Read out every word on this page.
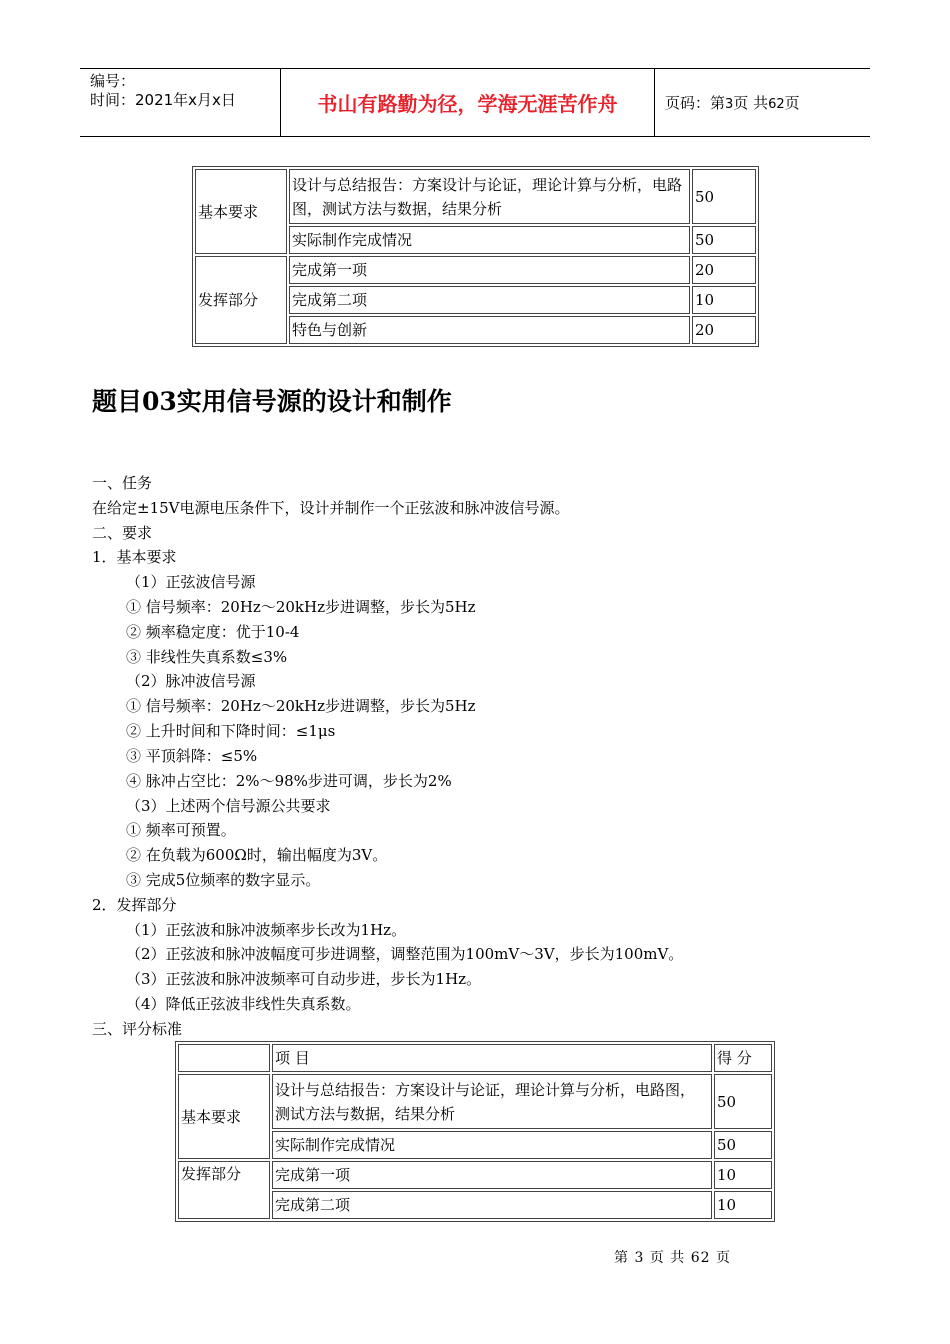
编号：
时间：2021年x月x日	书山有路勤为径，学海无涯苦作舟	页码：第3页 共62页
基本要求	设计与总结报告：方案设计与论证，理论计算与分析，电路图，测试方法与数据，结果分析	50
	实际制作完成情况	50
发挥部分	完成第一项	20
	完成第二项	10
	特色与创新	20
题目03实用信号源的设计和制作
一、任务
在给定±15V电源电压条件下，设计并制作一个正弦波和脉冲波信号源。
二、要求
1．基本要求
（1）正弦波信号源
① 信号频率：20Hz～20kHz步进调整，步长为5Hz
② 频率稳定度：优于10-4
③ 非线性失真系数≤3%
（2）脉冲波信号源
① 信号频率：20Hz～20kHz步进调整，步长为5Hz
② 上升时间和下降时间：≤1μs
③ 平顶斜降：≤5%
④ 脉冲占空比：2%～98%步进可调，步长为2%
（3）上述两个信号源公共要求
① 频率可预置。
② 在负载为600Ω时，输出幅度为3V。
③ 完成5位频率的数字显示。
2．发挥部分
（1）正弦波和脉冲波频率步长改为1Hz。
（2）正弦波和脉冲波幅度可步进调整，调整范围为100mV～3V，步长为100mV。
（3）正弦波和脉冲波频率可自动步进，步长为1Hz。
（4）降低正弦波非线性失真系数。
三、评分标准
	项 目	得 分
基本要求	设计与总结报告：方案设计与论证，理论计算与分析，电路图，测试方法与数据，结果分析	50
	实际制作完成情况	50
发挥部分	完成第一项	10
	完成第二项	10
第 3 页 共 62 页
